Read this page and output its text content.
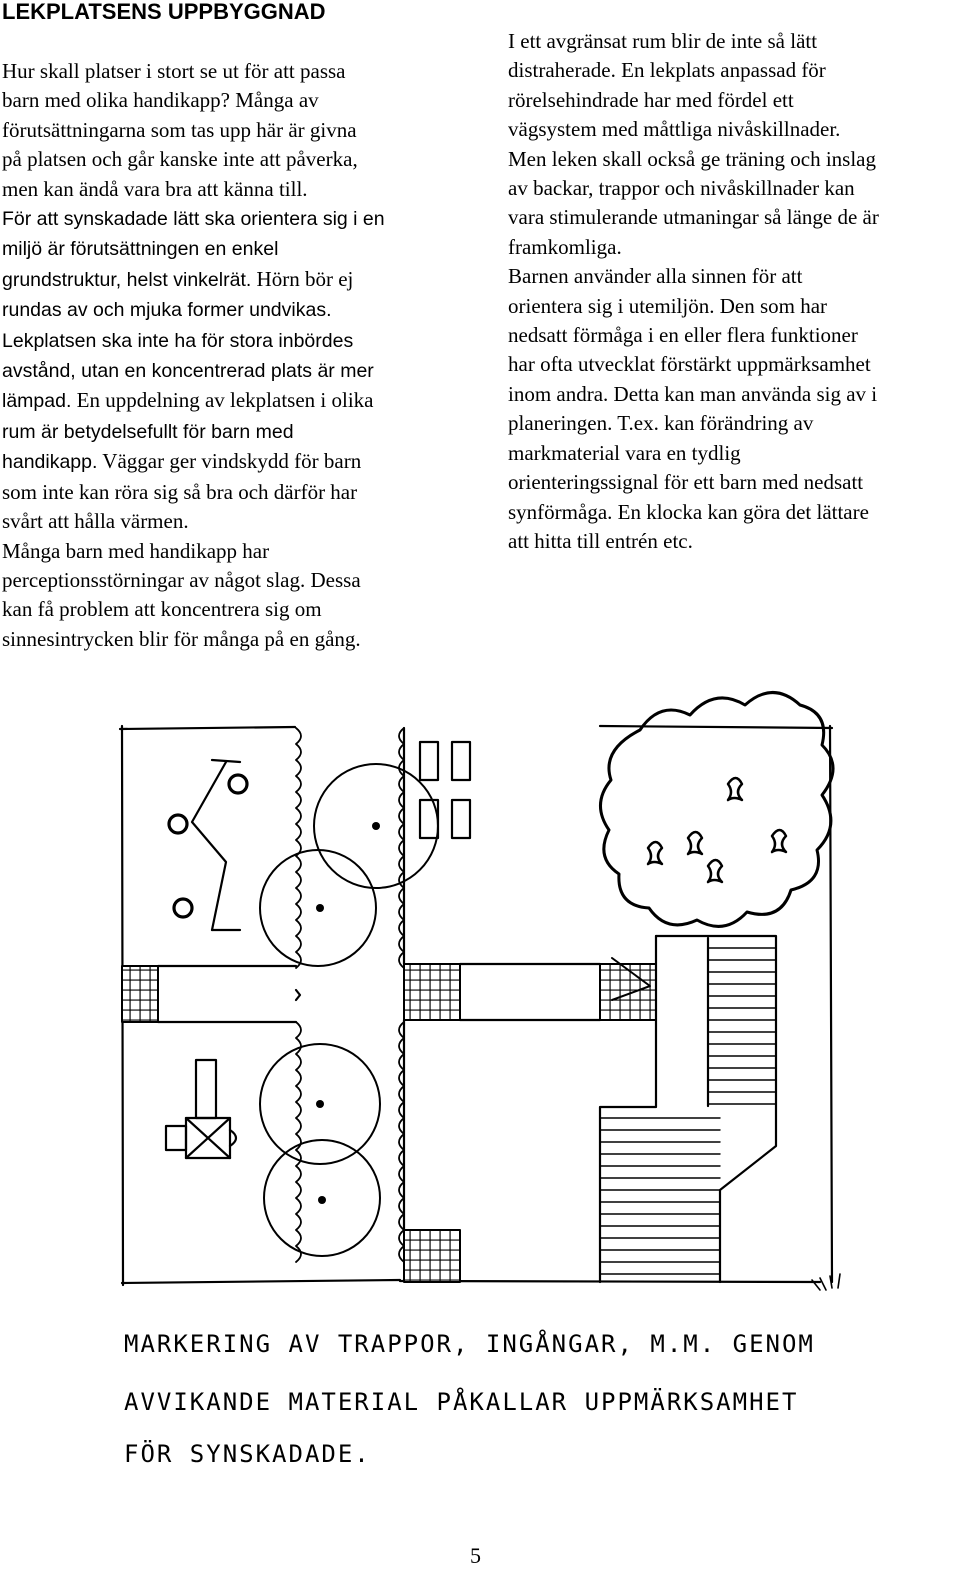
LEKPLATSENS UPPBYGGNAD
Hur skall platser i stort se ut för att passa
barn med olika handikapp? Många av
förutsättningarna som tas upp här är givna
på platsen och går kanske inte att påverka,
men kan ändå vara bra att känna till.
För att synskadade lätt ska orientera sig i en
miljö är förutsättningen en enkel
grundstruktur, helst vinkelrät. Hörn bör ej
rundas av och mjuka former undvikas.
Lekplatsen ska inte ha för stora inbördes
avstånd, utan en koncentrerad plats är mer
lämpad. En uppdelning av lekplatsen i olika
rum är betydelsefullt för barn med
handikapp. Väggar ger vindskydd för barn
som inte kan röra sig så bra och därför har
svårt att hålla värmen.
Många barn med handikapp har
perceptionsstörningar av något slag. Dessa
kan få problem att koncentrera sig om
sinnesintrycken blir för många på en gång.
I ett avgränsat rum blir de inte så lätt
distraherade. En lekplats anpassad för
rörelsehindrade har med fördel ett
vägsystem med måttliga nivåskillnader.
Men leken skall också ge träning och inslag
av backar, trappor och nivåskillnader kan
vara stimulerande utmaningar så länge de är
framkomliga.
Barnen använder alla sinnen för att
orientera sig i utemiljön. Den som har
nedsatt förmåga i en eller flera funktioner
har ofta utvecklat förstärkt uppmärksamhet
inom andra. Detta kan man använda sig av i
planeringen. T.ex. kan förändring av
markmaterial vara en tydlig
orienteringssignal för ett barn med nedsatt
synförmåga. En klocka kan göra det lättare
att hitta till entrén etc.
MARKERING AV TRAPPOR, INGÅNGAR, M.M. GENOM
AVVIKANDE MATERIAL PÅKALLAR UPPMÄRKSAMHET
FÖR SYNSKADADE.
5
